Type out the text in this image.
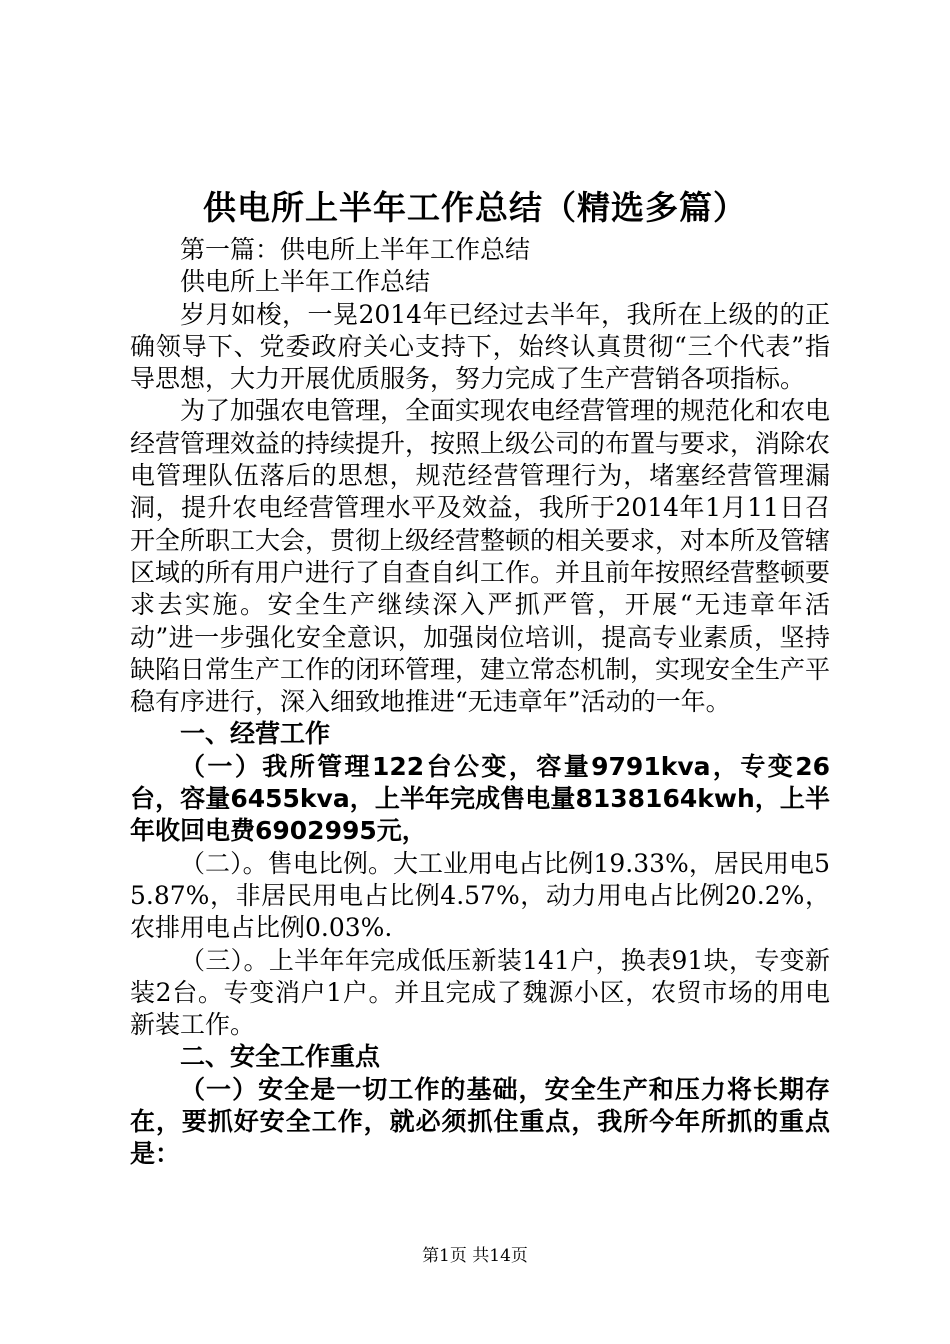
供电所上半年工作总结（精选多篇）

第一篇：供电所上半年工作总结

供电所上半年工作总结

岁月如梭，一晃2014年已经过去半年，我所在上级的的正确领导下、党委政府关心支持下，始终认真贯彻“三个代表”指导思想，大力开展优质服务，努力完成了生产营销各项指标。

为了加强农电管理，全面实现农电经营管理的规范化和农电经营管理效益的持续提升，按照上级公司的布置与要求，消除农电管理队伍落后的思想，规范经营管理行为，堵塞经营管理漏洞，提升农电经营管理水平及效益，我所于2014年1月11日召开全所职工大会，贯彻上级经营整顿的相关要求，对本所及管辖区域的所有用户进行了自查自纠工作。并且前年按照经营整顿要求去实施。安全生产继续深入严抓严管，开展“无违章年活动”进一步强化安全意识，加强岗位培训，提高专业素质，坚持缺陷日常生产工作的闭环管理，建立常态机制，实现安全生产平稳有序进行，深入细致地推进“无违章年”活动的一年。

一、经营工作

（一）我所管理122台公变，容量9791kva，专变26台，容量6455kva，上半年完成售电量8138164kwh，上半年收回电费6902995元，

（二）。售电比例。大工业用电占比例19.33%，居民用电55.87%，非居民用电占比例4.57%，动力用电占比例20.2%，农排用电占比例0.03%.

（三）。上半年年完成低压新装141户，换表91块，专变新装2台。专变消户1户。并且完成了魏源小区，农贸市场的用电新装工作。

二、安全工作重点

（一）安全是一切工作的基础，安全生产和压力将长期存在，要抓好安全工作，就必须抓住重点，我所今年所抓的重点是：

第1页 共14页
